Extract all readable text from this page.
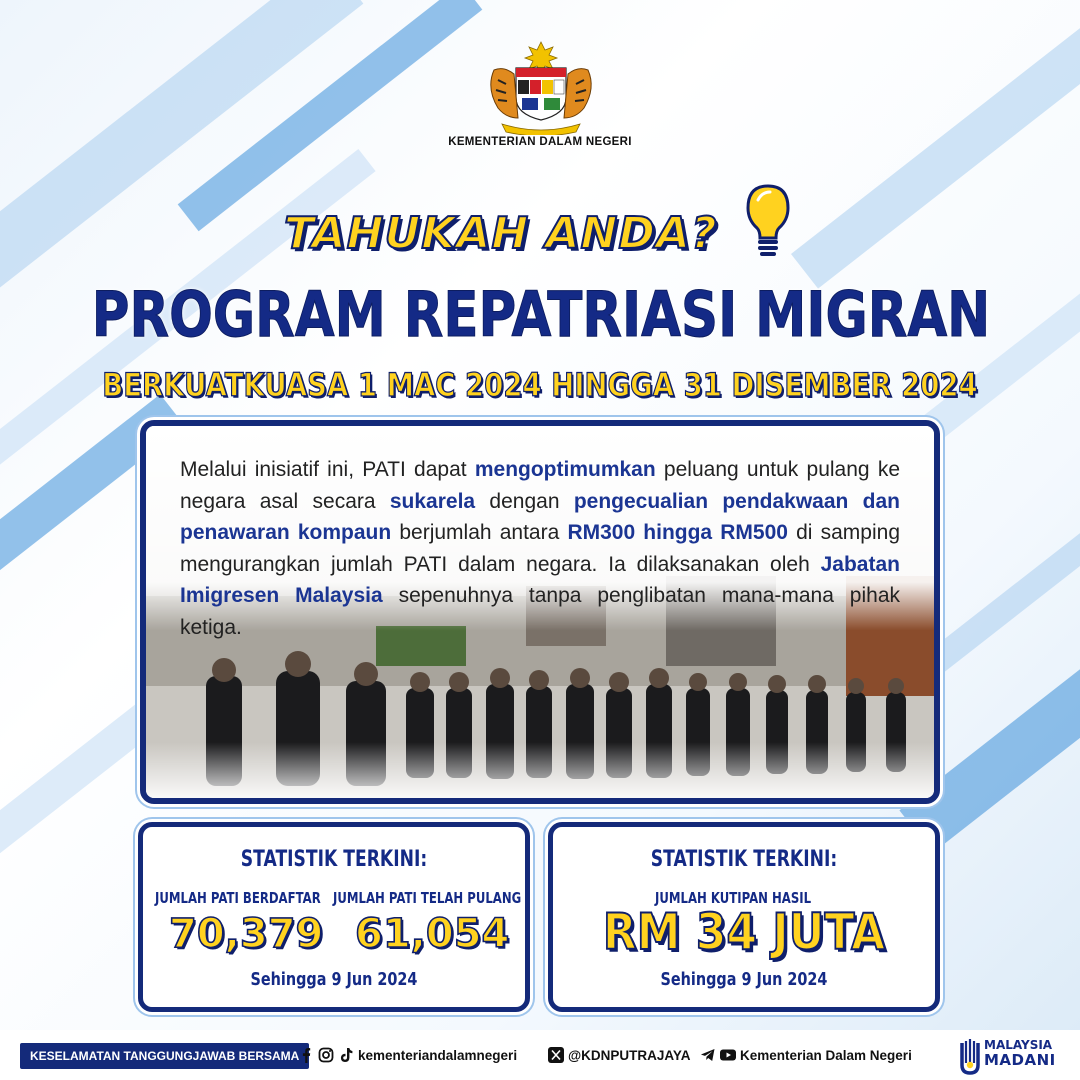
KEMENTERIAN DALAM NEGERI
TAHUKAH ANDA?
PROGRAM REPATRIASI MIGRAN
BERKUATKUASA 1 MAC 2024 HINGGA 31 DISEMBER 2024
Melalui inisiatif ini, PATI dapat mengoptimumkan peluang untuk pulang ke negara asal secara sukarela dengan pengecualian pendakwaan dan penawaran kompaun berjumlah antara RM300 hingga RM500 di samping mengurangkan jumlah PATI dalam negara. Ia dilaksanakan oleh Jabatan Imigresen Malaysia sepenuhnya tanpa penglibatan mana-mana pihak ketiga.
STATISTIK TERKINI:
JUMLAH PATI BERDAFTAR JUMLAH PATI TELAH PULANG
70,379 61,054
Sehingga 9 Jun 2024
STATISTIK TERKINI:
JUMLAH KUTIPAN HASIL
RM 34 JUTA
Sehingga 9 Jun 2024
KESELAMATAN TANGGUNGJAWAB BERSAMA	kementeriandalamnegeri	@KDNPUTRAJAYA	Kementerian Dalam Negeri
MALAYSIA
MADANI
